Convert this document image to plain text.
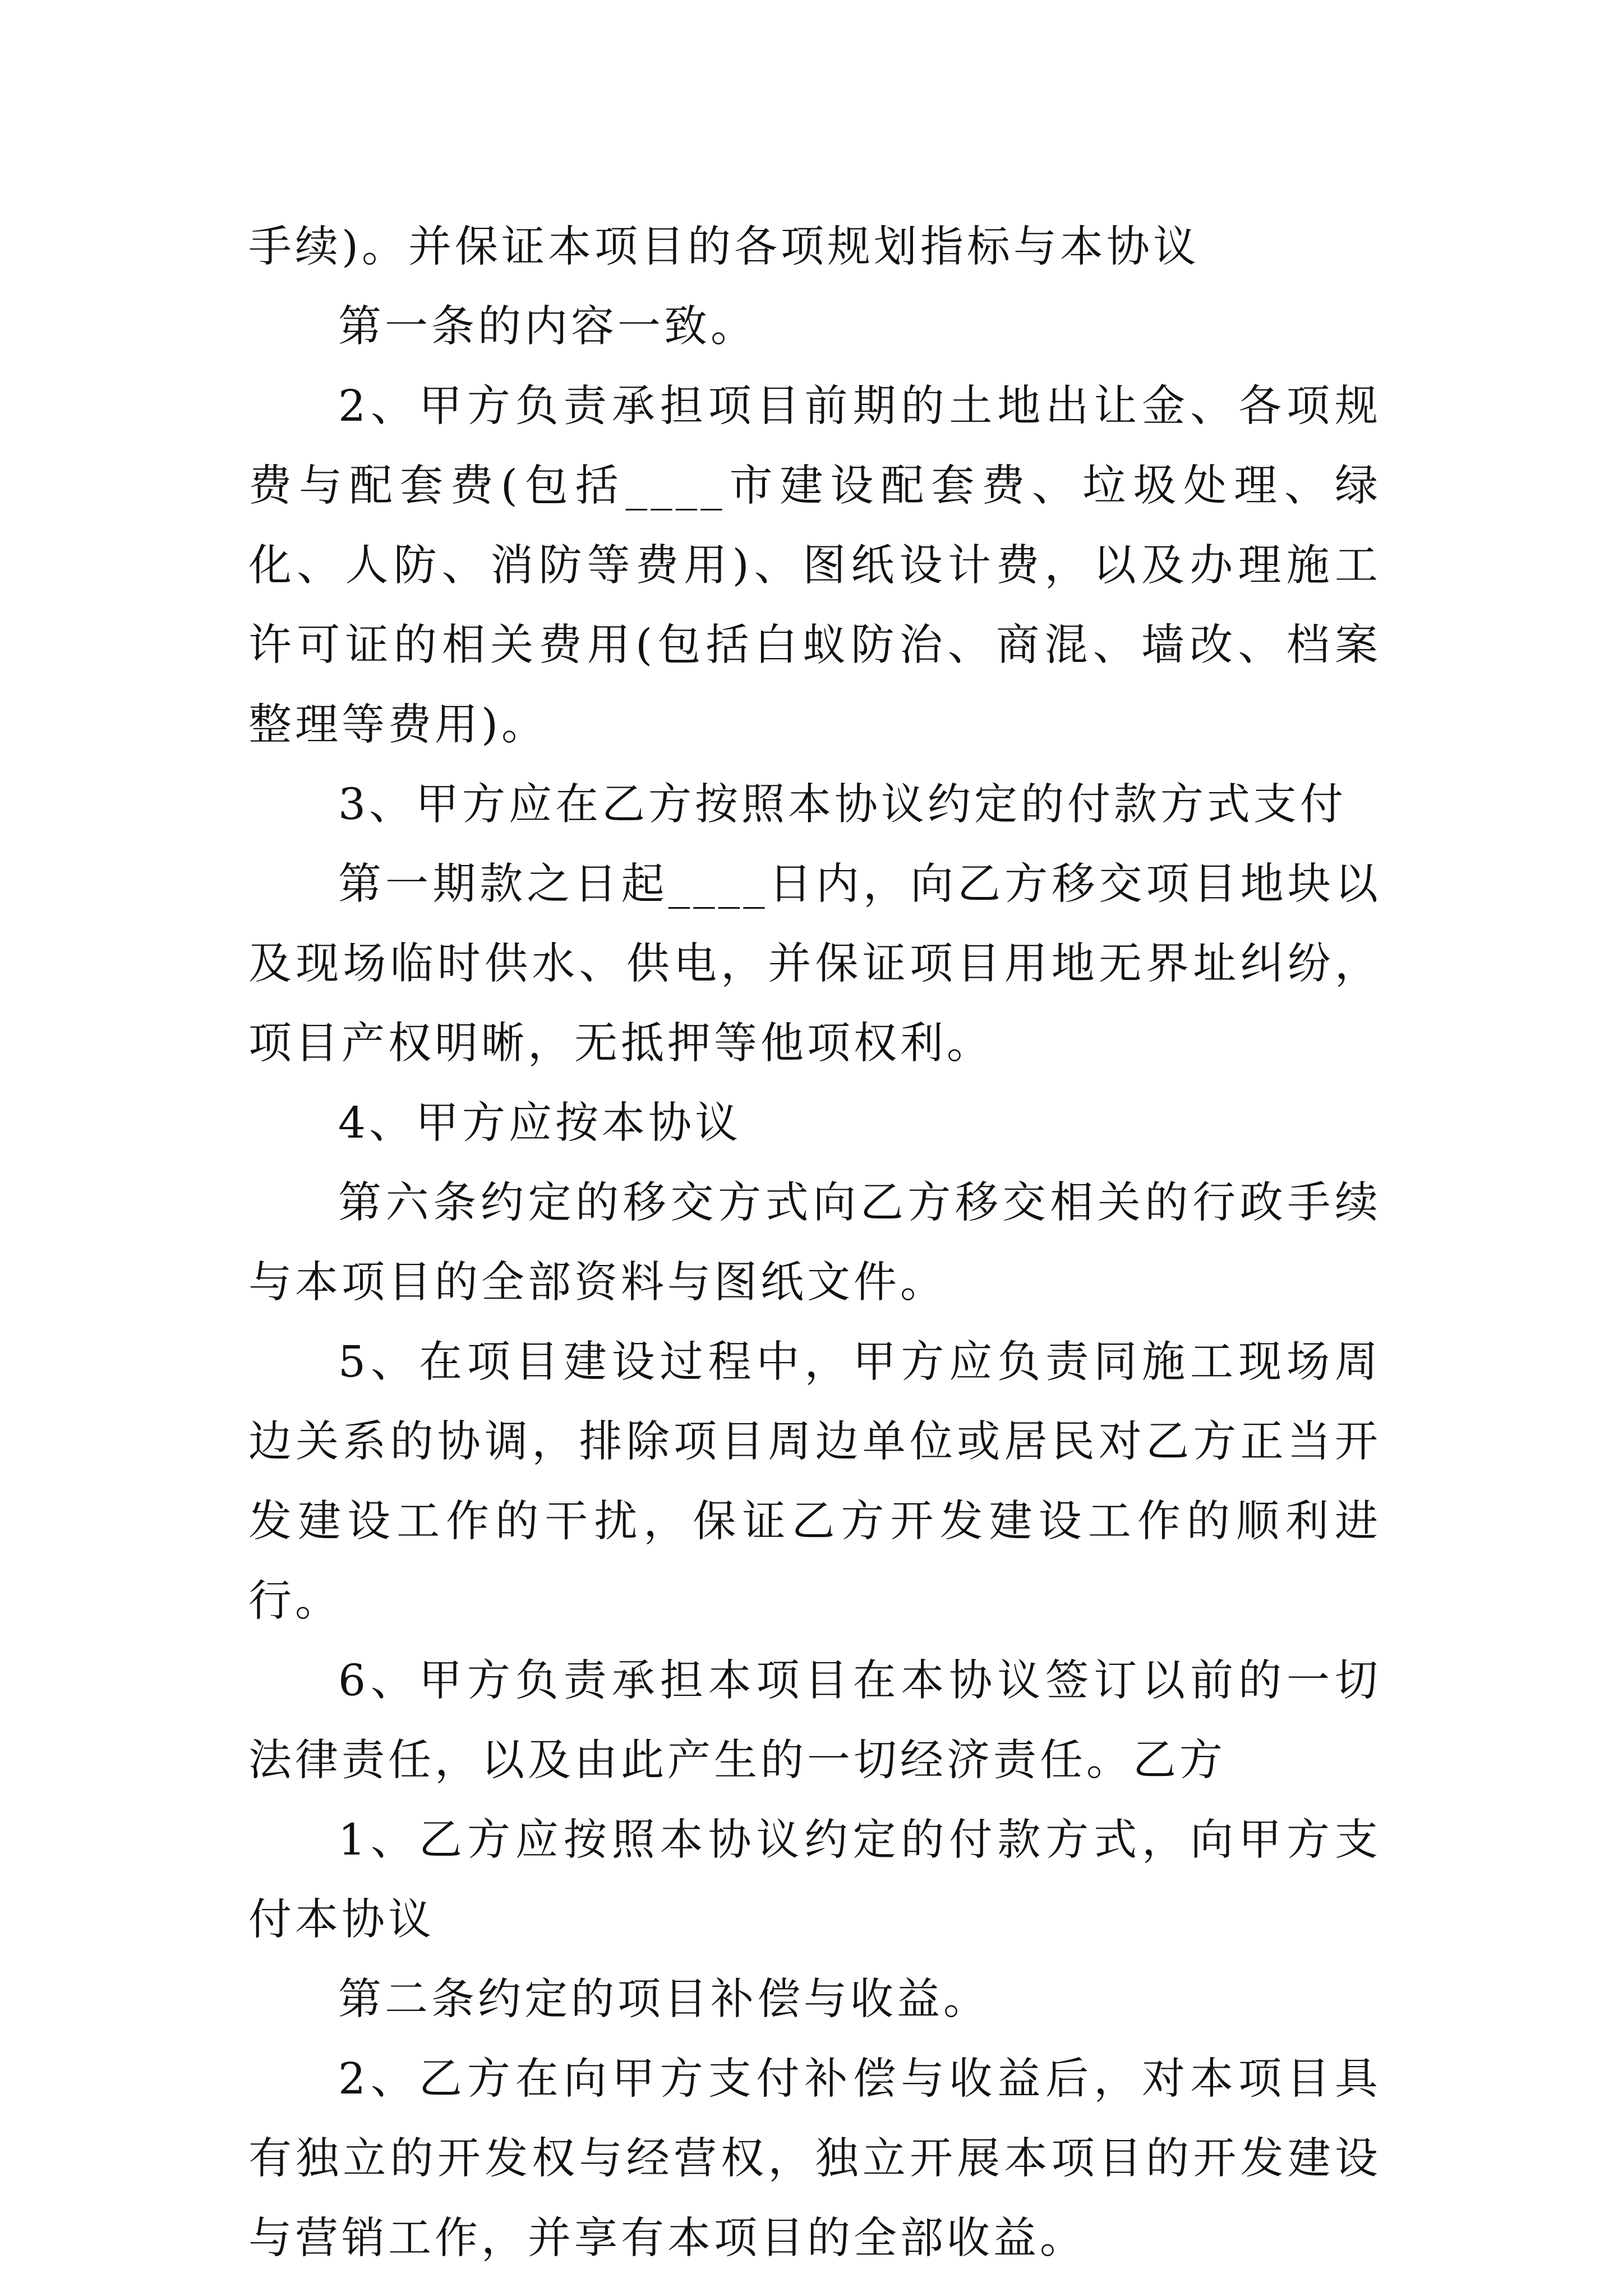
手续)。并保证本项目的各项规划指标与本协议

第一条的内容一致。

2、甲方负责承担项目前期的土地出让金、各项规费与配套费(包括____市建设配套费、垃圾处理、绿化、人防、消防等费用)、图纸设计费，以及办理施工许可证的相关费用(包括白蚁防治、商混、墙改、档案整理等费用)。

3、甲方应在乙方按照本协议约定的付款方式支付

第一期款之日起____日内，向乙方移交项目地块以及现场临时供水、供电，并保证项目用地无界址纠纷，项目产权明晰，无抵押等他项权利。

4、甲方应按本协议

第六条约定的移交方式向乙方移交相关的行政手续与本项目的全部资料与图纸文件。

5、在项目建设过程中，甲方应负责同施工现场周边关系的协调，排除项目周边单位或居民对乙方正当开发建设工作的干扰，保证乙方开发建设工作的顺利进行。

6、甲方负责承担本项目在本协议签订以前的一切法律责任，以及由此产生的一切经济责任。乙方

1、乙方应按照本协议约定的付款方式，向甲方支付本协议

第二条约定的项目补偿与收益。

2、乙方在向甲方支付补偿与收益后，对本项目具有独立的开发权与经营权，独立开展本项目的开发建设与营销工作，并享有本项目的全部收益。
